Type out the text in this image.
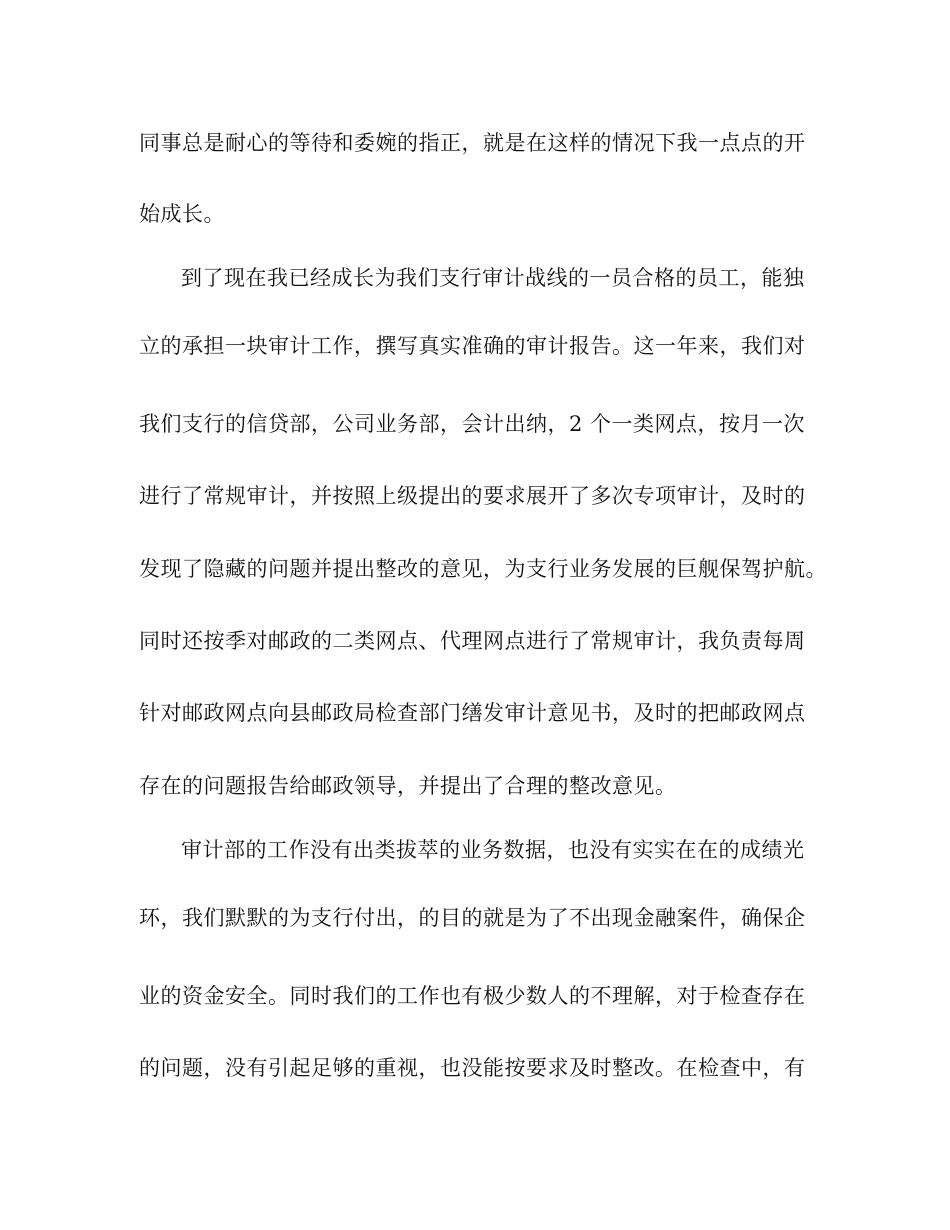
同事总是耐心的等待和委婉的指正，就是在这样的情况下我一点点的开
始成长。
到了现在我已经成长为我们支行审计战线的一员合格的员工，能独
立的承担一块审计工作，撰写真实准确的审计报告。这一年来，我们对
我们支行的信贷部，公司业务部，会计出纳，2 个一类网点，按月一次
进行了常规审计，并按照上级提出的要求展开了多次专项审计，及时的
发现了隐藏的问题并提出整改的意见，为支行业务发展的巨舰保驾护航。
同时还按季对邮政的二类网点、代理网点进行了常规审计，我负责每周
针对邮政网点向县邮政局检查部门缮发审计意见书，及时的把邮政网点
存在的问题报告给邮政领导，并提出了合理的整改意见。
审计部的工作没有出类拔萃的业务数据，也没有实实在在的成绩光
环，我们默默的为支行付出，的目的就是为了不出现金融案件，确保企
业的资金安全。同时我们的工作也有极少数人的不理解，对于检查存在
的问题，没有引起足够的重视，也没能按要求及时整改。在检查中，有
